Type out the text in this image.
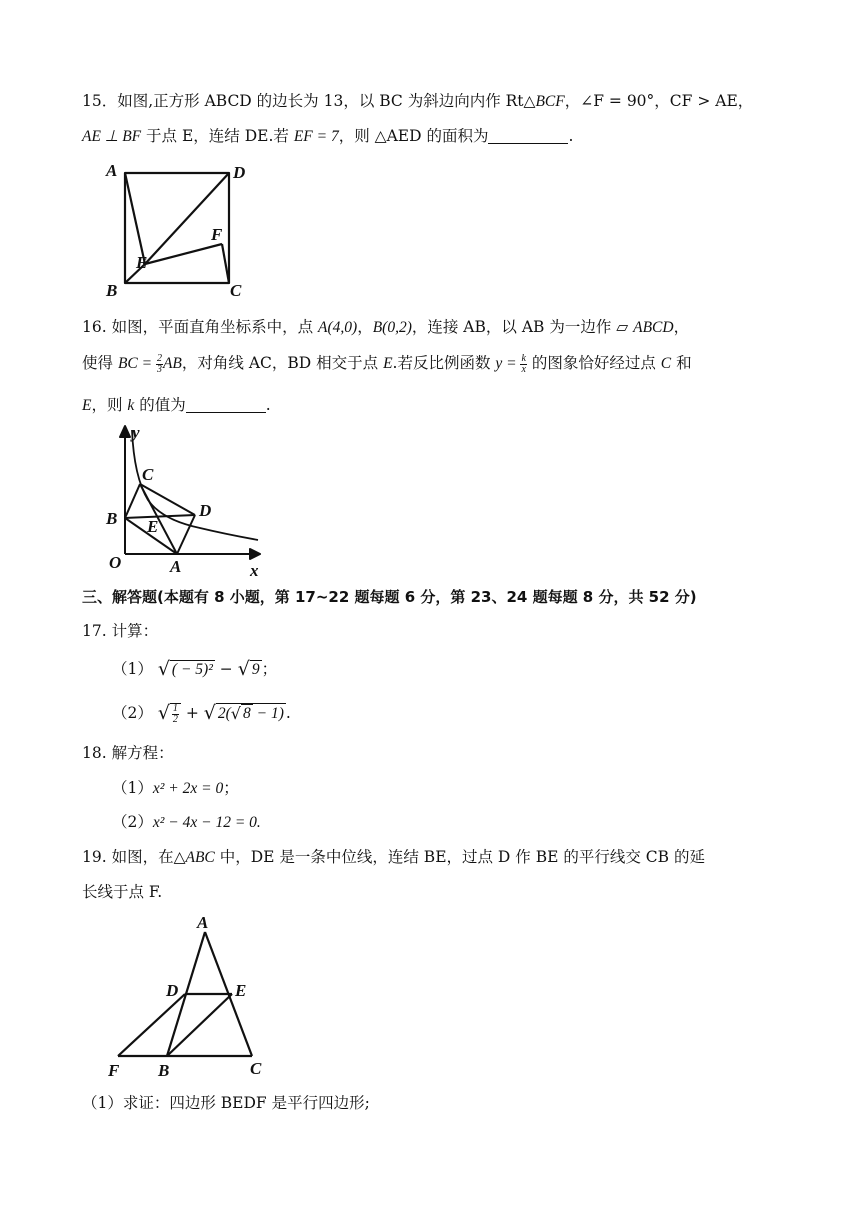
15．如图,正方形 ABCD 的边长为 13，以 BC 为斜边向内作 Rt△BCF，∠F = 90°，CF > AE，
AE ⊥ BF 于点 E，连结 DE.若 EF = 7，则 △AED 的面积为	.
A	D
F
E
B	C
16. 如图，平面直角坐标系中，点 A(4,0)，B(0,2)，连接 AB，以 AB 为一边作 ▱ ABCD，
使得 BC = $\frac{2}{3}$ AB，对角线 AC，BD 相交于点 E.若反比例函数 $y = \frac{k}{x}$ 的图象恰好经过点 C 和
E，则 k 的值为	.
y
C
D
B E
O	A	x
三、解答题(本题有 8 小题，第 17~22 题每题 6 分，第 23、24 题每题 8 分，共 52 分)
17. 计算：
（1） √ ( − 5)² − √ 9 ；
（2） √ $\frac{1}{2}$ + √ 2(√ 8 − 1) .
18. 解方程：
（1）x² + 2x = 0；
（2）x² − 4x − 12 = 0.
19. 如图，在△ABC 中，DE 是一条中位线，连结 BE，过点 D 作 BE 的平行线交 CB 的延
长线于点 F.
A
D	E
F B	C
（1）求证：四边形 BEDF 是平行四边形;
